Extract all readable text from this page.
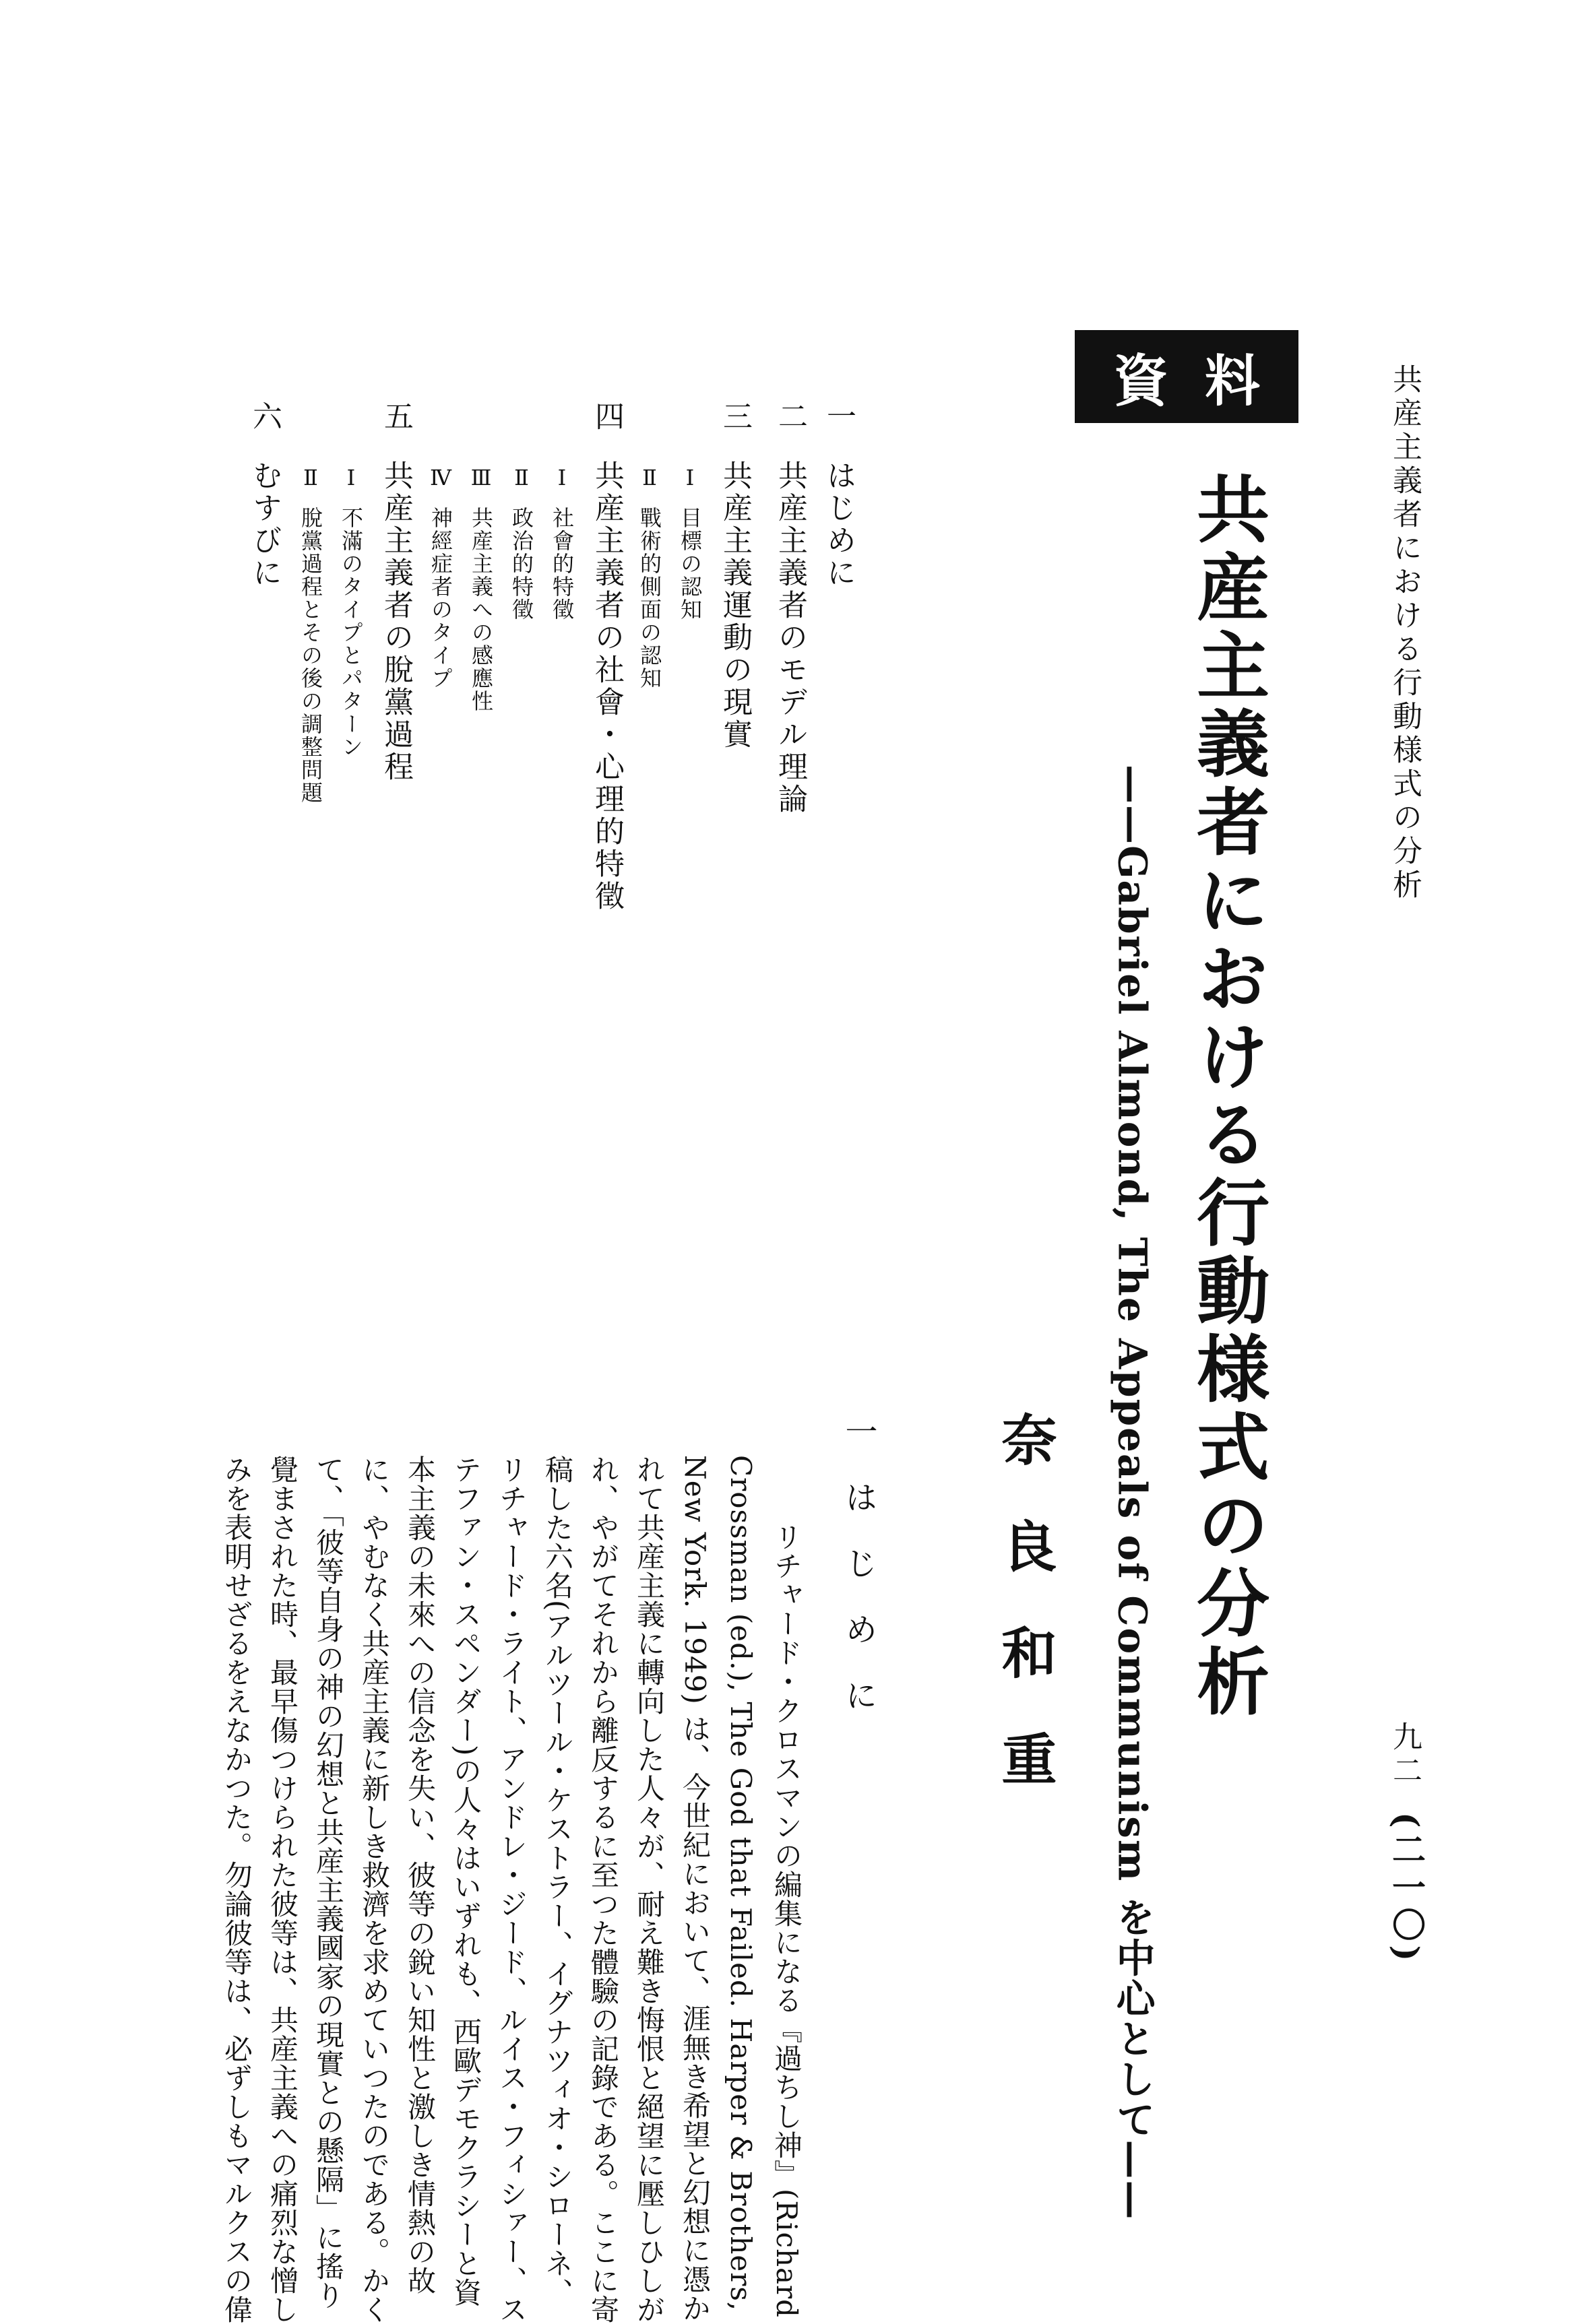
共産主義者における行動様式の分析
九二
(二一〇)
資 料
共産主義者における行動様式の分析
——Gabriel Almond, The Appeals of Communism を中心として——
奈良和重
一はじめに
二共産主義者のモデル理論
三共産主義運動の現實
Ⅰ目標の認知
Ⅱ戰術的側面の認知
四共産主義者の社會・心理的特徵
Ⅰ社會的特徵
Ⅱ政治的特徵
Ⅲ共産主義への感應性
Ⅳ神經症者のタイプ
五共産主義者の脫黨過程
Ⅰ不滿のタイプとパターン
Ⅱ脫黨過程とその後の調整問題
六むすびに
一はじめに
リチャード・クロスマンの編集になる『過ちし神』(Richard
Crossman (ed.), The God that Failed. Harper & Brothers,
New York. 1949) は、今世紀において、涯無き希望と幻想に憑か
れて共産主義に轉向した人々が、耐え難き悔恨と絕望に壓しひしが
れ、やがてそれから離反するに至つた體驗の記錄である。ここに寄
稿した六名(アルツール・ケストラー、イグナツィオ・シローネ、
リチャード・ライト、アンドレ・ジード、ルイス・フィシァー、ス
テファン・スペンダー)の人々はいずれも、西歐デモクラシーと資
本主義の未來への信念を失い、彼等の銳い知性と激しき情熱の故
に、やむなく共産主義に新しき救濟を求めていつたのである。かく
て、「彼等自身の神の幻想と共産主義國家の現實との懸隔」に搖り
覺まされた時、最早傷つけられた彼等は、共産主義への痛烈な憎し
みを表明せざるをえなかつた。勿論彼等は、必ずしもマルクスの偉
